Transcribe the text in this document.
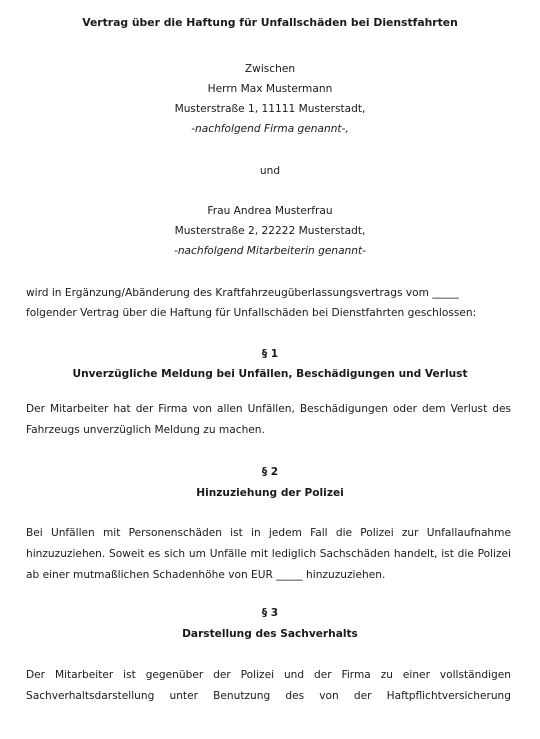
Vertrag über die Haftung für Unfallschäden bei Dienstfahrten
Zwischen
Herrn Max Mustermann
Musterstraße 1, 11111 Musterstadt,
-nachfolgend Firma genannt-,
und
Frau Andrea Musterfrau
Musterstraße 2, 22222 Musterstadt,
-nachfolgend Mitarbeiterin genannt-
wird in Ergänzung/Abänderung des Kraftfahrzeugüberlassungsvertrags vom _____
folgender Vertrag über die Haftung für Unfallschäden bei Dienstfahrten geschlossen:
§ 1
Unverzügliche Meldung bei Unfällen, Beschädigungen und Verlust
Der Mitarbeiter hat der Firma von allen Unfällen, Beschädigungen oder dem Verlust des Fahrzeugs unverzüglich Meldung zu machen.
§ 2
Hinzuziehung der Polizei
Bei Unfällen mit Personenschäden ist in jedem Fall die Polizei zur Unfallaufnahme hinzuzuziehen. Soweit es sich um Unfälle mit lediglich Sachschäden handelt, ist die Polizei ab einer mutmaßlichen Schadenhöhe von EUR _____ hinzuzuziehen.
§ 3
Darstellung des Sachverhalts
Der Mitarbeiter ist gegenüber der Polizei und der Firma zu einer vollständigen
Sachverhaltsdarstellung unter Benutzung des von der Haftpflichtversicherung
